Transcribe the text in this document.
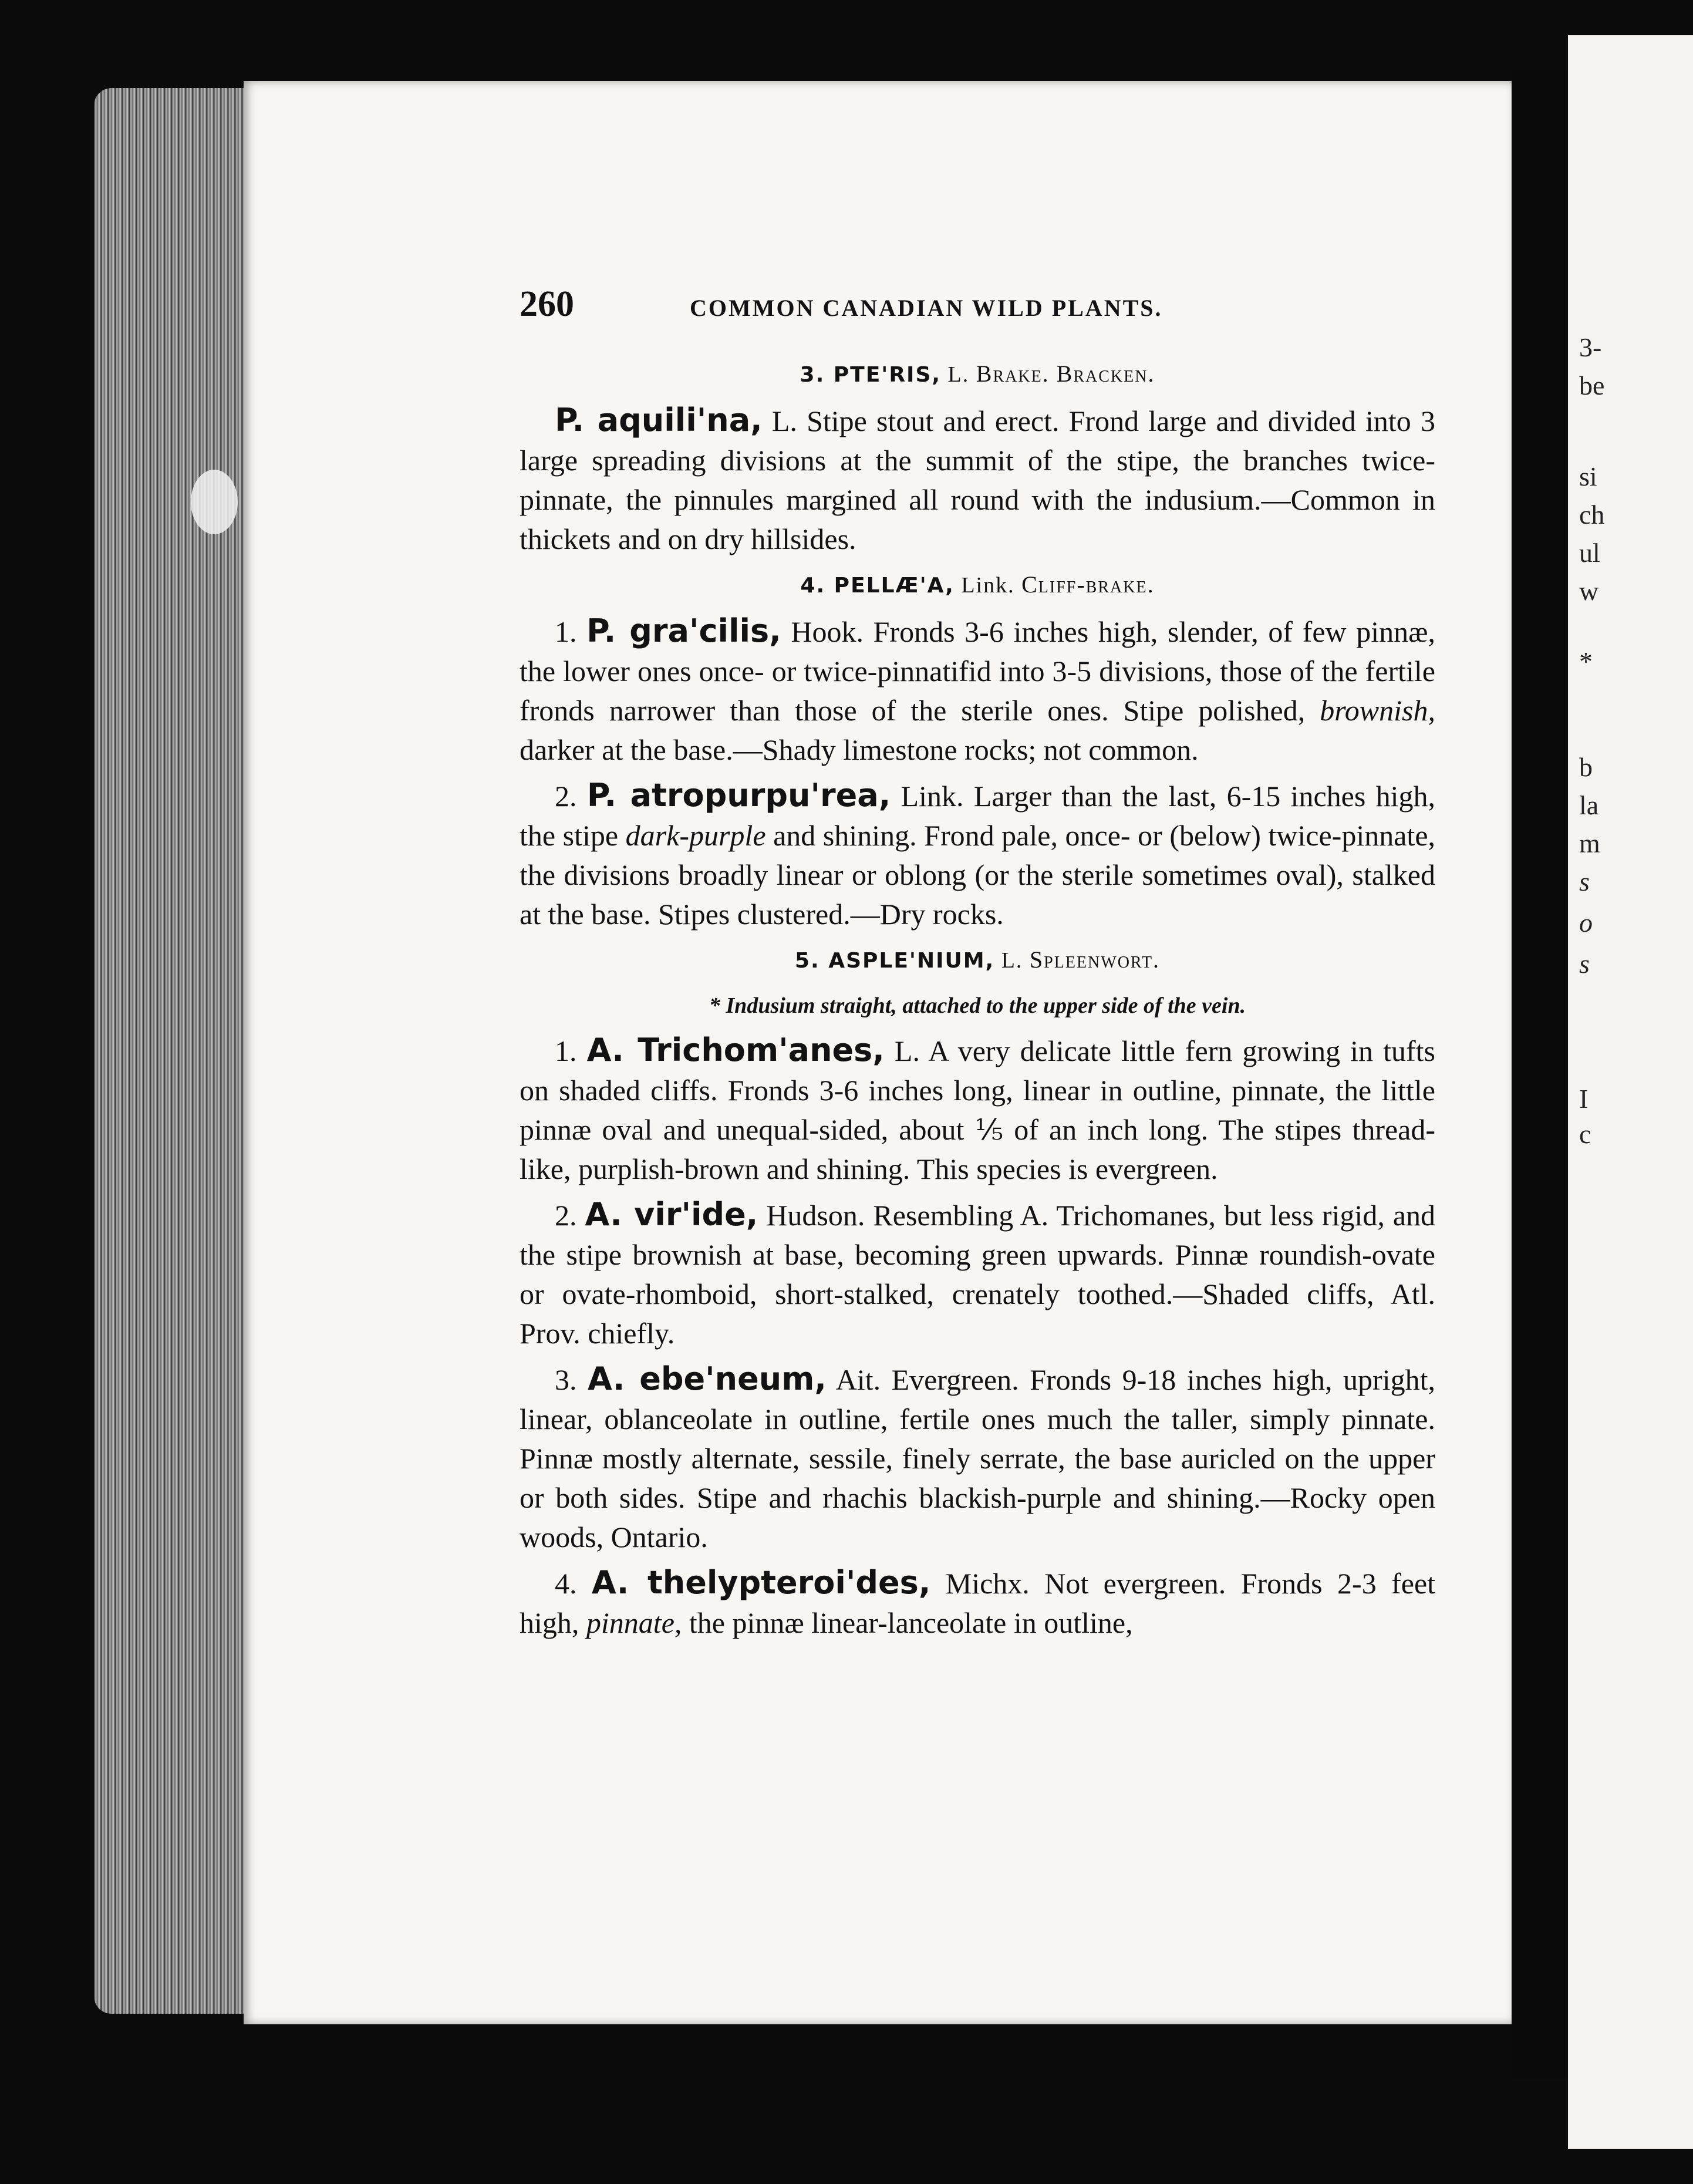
3-
be
si
ch
ul
w
*
b
la
m
s
o
s
I
c
260	COMMON CANADIAN WILD PLANTS.
3. PTE'RIS, L. Brake. Bracken.

P. aquili'na, L. Stipe stout and erect. Frond large and divided into 3 large spreading divisions at the summit of the stipe, the branches twice-pinnate, the pinnules margined all round with the indusium.—Common in thickets and on dry hillsides.

4. PELLÆ'A, Link. Cliff-brake.

1. P. gra'cilis, Hook. Fronds 3-6 inches high, slender, of few pinnæ, the lower ones once- or twice-pinnatifid into 3-5 divisions, those of the fertile fronds narrower than those of the sterile ones. Stipe polished, brownish, darker at the base.—Shady limestone rocks; not common.

2. P. atropurpu'rea, Link. Larger than the last, 6-15 inches high, the stipe dark-purple and shining. Frond pale, once- or (below) twice-pinnate, the divisions broadly linear or oblong (or the sterile sometimes oval), stalked at the base. Stipes clustered.—Dry rocks.

5. ASPLE'NIUM, L. Spleenwort.
* Indusium straight, attached to the upper side of the vein.

1. A. Trichom'anes, L. A very delicate little fern growing in tufts on shaded cliffs. Fronds 3-6 inches long, linear in outline, pinnate, the little pinnæ oval and unequal-sided, about ⅕ of an inch long. The stipes thread-like, purplish-brown and shining. This species is evergreen.

2. A. vir'ide, Hudson. Resembling A. Trichomanes, but less rigid, and the stipe brownish at base, becoming green upwards. Pinnæ roundish-ovate or ovate-rhomboid, short-stalked, crenately toothed.—Shaded cliffs, Atl. Prov. chiefly.

3. A. ebe'neum, Ait. Evergreen. Fronds 9-18 inches high, upright, linear, oblanceolate in outline, fertile ones much the taller, simply pinnate. Pinnæ mostly alternate, sessile, finely serrate, the base auricled on the upper or both sides. Stipe and rhachis blackish-purple and shining.—Rocky open woods, Ontario.

4. A. thelypteroi'des, Michx. Not evergreen. Fronds 2-3 feet high, pinnate, the pinnæ linear-lanceolate in outline,
